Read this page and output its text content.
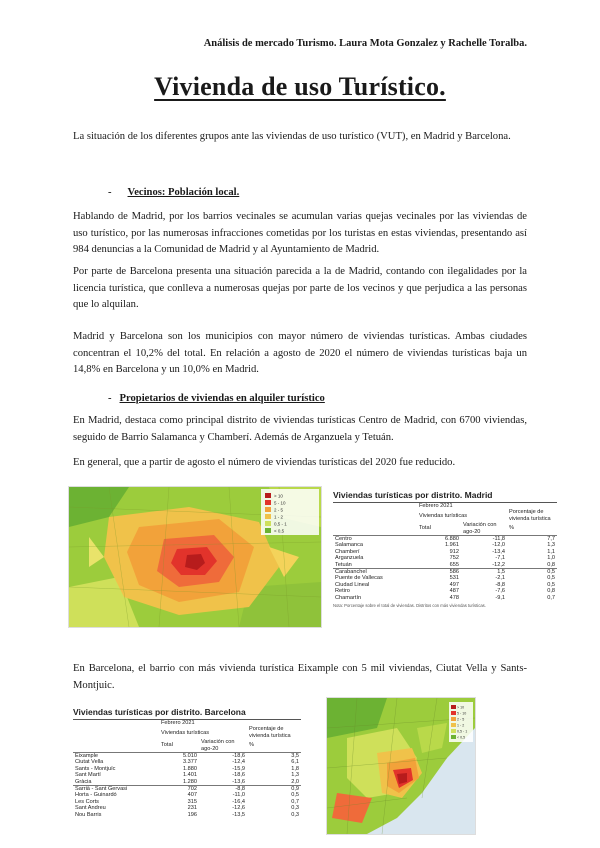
Análisis de mercado Turismo. Laura Mota Gonzalez y Rachelle Toralba.
Vivienda de uso Turístico.
La situación de los diferentes grupos ante las viviendas de uso turístico (VUT), en Madrid y Barcelona.
- Vecinos: Población local.
Hablando de Madrid, por los barrios vecinales se acumulan varias quejas vecinales por las viviendas de uso turístico, por las numerosas infracciones cometidas por los turistas en estas viviendas, presentando así 984 denuncias a la Comunidad de Madrid y al Ayuntamiento de Madrid.
Por parte de Barcelona presenta una situación parecida a la de Madrid, contando con ilegalidades por la licencia turística, que conlleva a numerosas quejas por parte de los vecinos y que perjudica a las personas que lo alquilan.
Madrid y Barcelona son los municipios con mayor número de viviendas turísticas. Ambas ciudades concentran el 10,2% del total. En relación a agosto de 2020 el número de viviendas turísticas baja un 14,8% en Barcelona y un 10,0% en Madrid.
- Propietarios de viviendas en alquiler turístico
En Madrid, destaca como principal distrito de viviendas turísticas Centro de Madrid, con 6700 viviendas, seguido de Barrio Salamanca y Chamberí. Además de Arganzuela y Tetuán.
En general, que a partir de agosto el número de viviendas turísticas del 2020 fue reducido.
> 10
5 - 10
2 - 5
1 - 2
0,5 - 1
< 0,5
Viviendas turísticas por distrito. Madrid
	Febrero 2021		
	Viviendas turísticas		Porcentaje de vivienda turística
	Total	Variación con ago-20	%
Centro	6.880	-11,8	7,7
Salamanca	1.961	-12,0	1,3
Chamberí	912	-13,4	1,1
Arganzuela	752	-7,1	1,0
Tetuán	655	-12,2	0,8
Carabanchel	586	1,5	0,5
Puente de Vallecas	531	-2,1	0,5
Ciudad Lineal	497	-8,8	0,5
Retiro	487	-7,6	0,8
Chamartín	478	-9,1	0,7
Nota: Porcentaje sobre el total de viviendas. Distritos con más viviendas turísticas.
En Barcelona, el barrio con más vivienda turística Eixample con 5 mil viviendas, Ciutat Vella y Sants-Montjuic.
Viviendas turísticas por distrito. Barcelona
	Febrero 2021		
	Viviendas turísticas		Porcentaje de vivienda turística
	Total	Variación con ago-20	%
Eixample	5.010	-18,6	3,5
Ciutat Vella	3.377	-12,4	6,1
Sants - Montjuïc	1.880	-15,9	1,8
Sant Martí	1.401	-18,6	1,3
Gràcia	1.280	-13,6	2,0
Sarrià - Sant Gervasi	702	-8,8	0,9
Horta - Guinardó	407	-11,0	0,5
Les Corts	315	-16,4	0,7
Sant Andreu	231	-12,6	0,3
Nou Barris	196	-13,5	0,3
> 10
5 - 10
2 - 5
1 - 2
0,5 - 1
< 0,5
